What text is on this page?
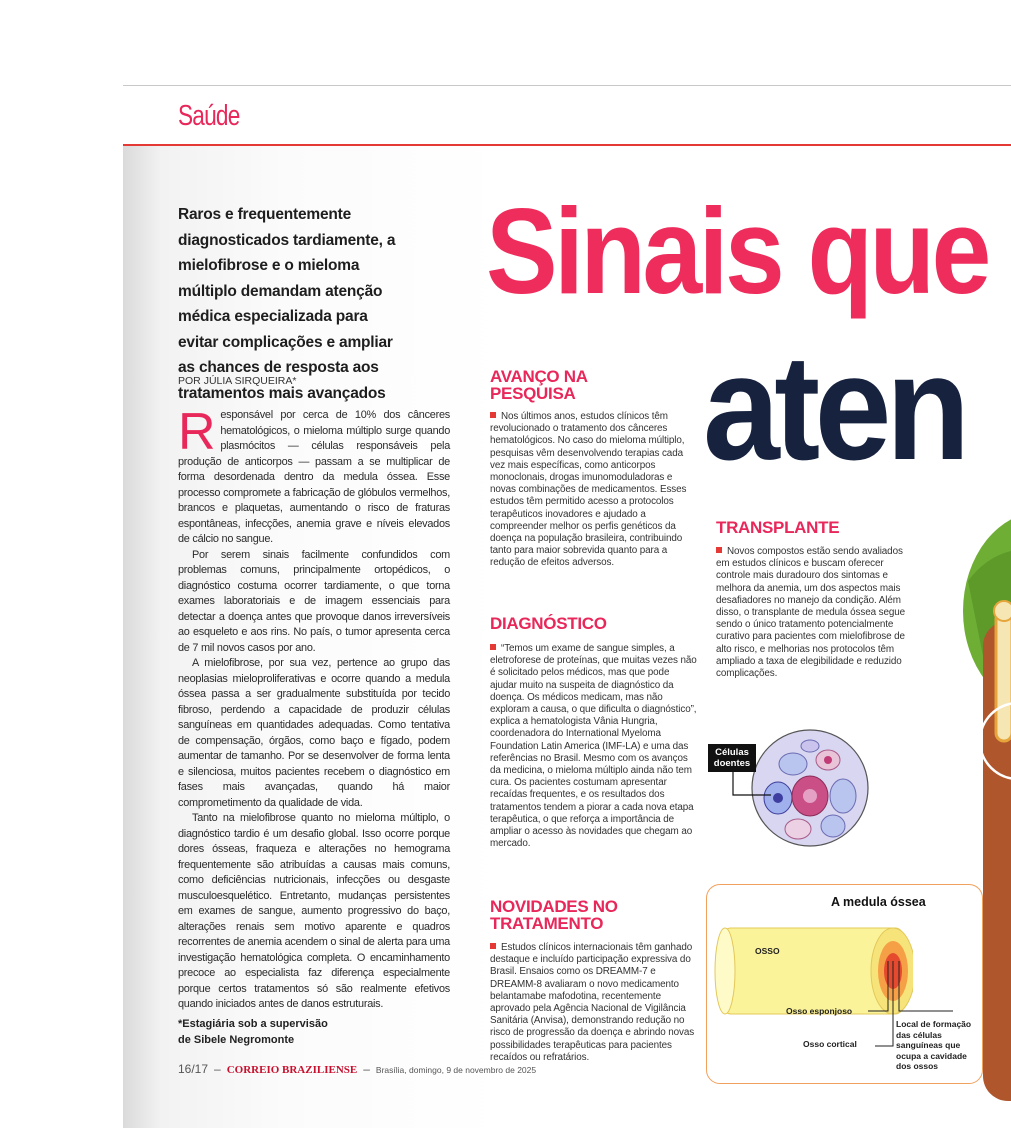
Saúde
Raros e frequentemente diagnosticados tardiamente, a mielofibrose e o mieloma múltiplo demandam atenção médica especializada para evitar complicações e ampliar as chances de resposta aos tratamentos mais avançados
POR JÚLIA SIRQUEIRA*

Responsável por cerca de 10% dos cânceres hematológicos, o mieloma múltiplo surge quando plasmócitos — células responsáveis pela produção de anticorpos — passam a se multiplicar de forma desordenada dentro da medula óssea. Esse processo compromete a fabricação de glóbulos vermelhos, brancos e plaquetas, aumentando o risco de fraturas espontâneas, infecções, anemia grave e níveis elevados de cálcio no sangue.

Por serem sinais facilmente confundidos com problemas comuns, principalmente ortopédicos, o diagnóstico costuma ocorrer tardiamente, o que torna exames laboratoriais e de imagem essenciais para detectar a doença antes que provoque danos irreversíveis ao esqueleto e aos rins. No país, o tumor apresenta cerca de 7 mil novos casos por ano.

A mielofibrose, por sua vez, pertence ao grupo das neoplasias mieloproliferativas e ocorre quando a medula óssea passa a ser gradualmente substituída por tecido fibroso, perdendo a capacidade de produzir células sanguíneas em quantidades adequadas. Como tentativa de compensação, órgãos, como baço e fígado, podem aumentar de tamanho. Por se desenvolver de forma lenta e silenciosa, muitos pacientes recebem o diagnóstico em fases mais avançadas, quando há maior comprometimento da qualidade de vida.

Tanto na mielofibrose quanto no mieloma múltiplo, o diagnóstico tardio é um desafio global. Isso ocorre porque dores ósseas, fraqueza e alterações no hemograma frequentemente são atribuídas a causas mais comuns, como deficiências nutricionais, infecções ou desgaste musculoesquelético. Entretanto, mudanças persistentes em exames de sangue, aumento progressivo do baço, alterações renais sem motivo aparente e quadros recorrentes de anemia acendem o sinal de alerta para uma investigação hematológica completa. O encaminhamento precoce ao especialista faz diferença especialmente porque certos tratamentos só são realmente efetivos quando iniciados antes de danos estruturais.

*Estagiária sob a supervisão
de Sibele Negromonte
16/17 – CORREIO BRAZILIENSE – Brasília, domingo, 9 de novembro de 2025
Sinais que
aten
AVANÇO NA
PESQUISA
Nos últimos anos, estudos clínicos têm revolucionado o tratamento dos cânceres hematológicos. No caso do mieloma múltiplo, pesquisas vêm desenvolvendo terapias cada vez mais específicas, como anticorpos monoclonais, drogas imunomoduladoras e novas combinações de medicamentos. Esses estudos têm permitido acesso a protocolos terapêuticos inovadores e ajudado a compreender melhor os perfis genéticos da doença na população brasileira, contribuindo tanto para maior sobrevida quanto para a redução de efeitos adversos.
DIAGNÓSTICO
“Temos um exame de sangue simples, a eletroforese de proteínas, que muitas vezes não é solicitado pelos médicos, mas que pode ajudar muito na suspeita de diagnóstico da doença. Os médicos medicam, mas não exploram a causa, o que dificulta o diagnóstico”, explica a hematologista Vânia Hungria, coordenadora do International Myeloma Foundation Latin America (IMF-LA) e uma das referências no Brasil. Mesmo com os avanços da medicina, o mieloma múltiplo ainda não tem cura. Os pacientes costumam apresentar recaídas frequentes, e os resultados dos tratamentos tendem a piorar a cada nova etapa terapêutica, o que reforça a importância de ampliar o acesso às novidades que chegam ao mercado.
NOVIDADES NO
TRATAMENTO
Estudos clínicos internacionais têm ganhado destaque e incluído participação expressiva do Brasil. Ensaios como os DREAMM-7 e DREAMM-8 avaliaram o novo medicamento belantamabe mafodotina, recentemente aprovado pela Agência Nacional de Vigilância Sanitária (Anvisa), demonstrando redução no risco de progressão da doença e abrindo novas possibilidades terapêuticas para pacientes recaídos ou refratários.
TRANSPLANTE
Novos compostos estão sendo avaliados em estudos clínicos e buscam oferecer controle mais duradouro dos sintomas e melhora da anemia, um dos aspectos mais desafiadores no manejo da condição. Além disso, o transplante de medula óssea segue sendo o único tratamento potencialmente curativo para pacientes com mielofibrose de alto risco, e melhorias nos protocolos têm ampliado a taxa de elegibilidade e reduzido complicações.
Células doentes
A medula óssea
OSSO
Osso esponjoso
Osso cortical
Local de formação das células sanguíneas que ocupa a cavidade dos ossos
